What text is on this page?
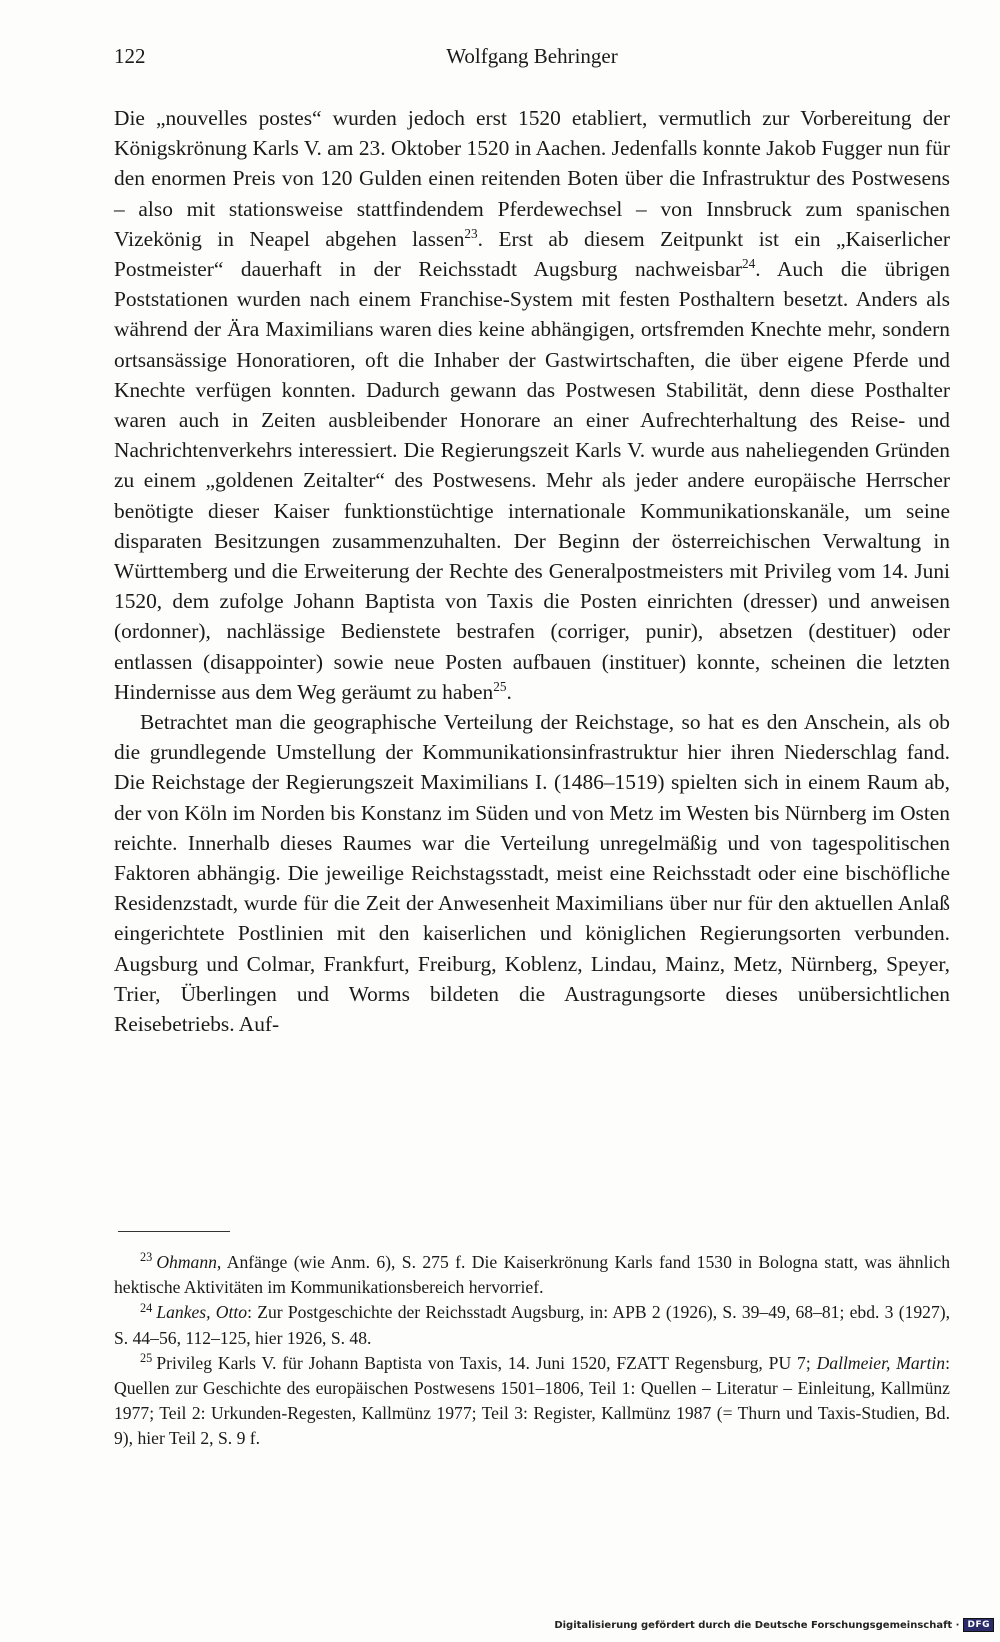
122	Wolfgang Behringer

Die „nouvelles postes“ wurden jedoch erst 1520 etabliert, vermutlich zur Vorbereitung der Königskrönung Karls V. am 23. Oktober 1520 in Aachen. Jedenfalls konnte Jakob Fugger nun für den enormen Preis von 120 Gulden einen reitenden Boten über die Infrastruktur des Postwesens – also mit stationsweise stattfindendem Pferdewechsel – von Innsbruck zum spanischen Vizekönig in Neapel abgehen lassen$^{23}$. Erst ab diesem Zeitpunkt ist ein „Kaiserlicher Postmeister“ dauerhaft in der Reichsstadt Augsburg nachweisbar$^{24}$. Auch die übrigen Poststationen wurden nach einem Franchise-System mit festen Posthaltern besetzt. Anders als während der Ära Maximilians waren dies keine abhängigen, ortsfremden Knechte mehr, sondern ortsansässige Honoratioren, oft die Inhaber der Gastwirtschaften, die über eigene Pferde und Knechte verfügen konnten. Dadurch gewann das Postwesen Stabilität, denn diese Posthalter waren auch in Zeiten ausbleibender Honorare an einer Aufrechterhaltung des Reise- und Nachrichtenverkehrs interessiert. Die Regierungszeit Karls V. wurde aus naheliegenden Gründen zu einem „goldenen Zeitalter“ des Postwesens. Mehr als jeder andere europäische Herrscher benötigte dieser Kaiser funktionstüchtige internationale Kommunikationskanäle, um seine disparaten Besitzungen zusammenzuhalten. Der Beginn der österreichischen Verwaltung in Württemberg und die Erweiterung der Rechte des Generalpostmeisters mit Privileg vom 14. Juni 1520, dem zufolge Johann Baptista von Taxis die Posten einrichten (dresser) und anweisen (ordonner), nachlässige Bedienstete bestrafen (corriger, punir), absetzen (destituer) oder entlassen (disappointer) sowie neue Posten aufbauen (instituer) konnte, scheinen die letzten Hindernisse aus dem Weg geräumt zu haben$^{25}$.

Betrachtet man die geographische Verteilung der Reichstage, so hat es den Anschein, als ob die grundlegende Umstellung der Kommunikationsinfrastruktur hier ihren Niederschlag fand. Die Reichstage der Regierungszeit Maximilians I. (1486–1519) spielten sich in einem Raum ab, der von Köln im Norden bis Konstanz im Süden und von Metz im Westen bis Nürnberg im Osten reichte. Innerhalb dieses Raumes war die Verteilung unregelmäßig und von tagespolitischen Faktoren abhängig. Die jeweilige Reichstagsstadt, meist eine Reichsstadt oder eine bischöfliche Residenzstadt, wurde für die Zeit der Anwesenheit Maximilians über nur für den aktuellen Anlaß eingerichtete Postlinien mit den kaiserlichen und königlichen Regierungsorten verbunden. Augsburg und Colmar, Frankfurt, Freiburg, Koblenz, Lindau, Mainz, Metz, Nürnberg, Speyer, Trier, Überlingen und Worms bildeten die Austragungsorte dieses unübersichtlichen Reisebetriebs. Auf-

$^{23}$ Ohmann, Anfänge (wie Anm. 6), S. 275 f. Die Kaiserkrönung Karls fand 1530 in Bologna statt, was ähnlich hektische Aktivitäten im Kommunikationsbereich hervorrief.

$^{24}$ Lankes, Otto: Zur Postgeschichte der Reichsstadt Augsburg, in: APB 2 (1926), S. 39–49, 68–81; ebd. 3 (1927), S. 44–56, 112–125, hier 1926, S. 48.

$^{25}$ Privileg Karls V. für Johann Baptista von Taxis, 14. Juni 1520, FZATT Regensburg, PU 7; Dallmeier, Martin: Quellen zur Geschichte des europäischen Postwesens 1501–1806, Teil 1: Quellen – Literatur – Einleitung, Kallmünz 1977; Teil 2: Urkunden-Regesten, Kallmünz 1977; Teil 3: Register, Kallmünz 1987 (= Thurn und Taxis-Studien, Bd. 9), hier Teil 2, S. 9 f.

Digitalisierung gefördert durch die Deutsche Forschungsgemeinschaft · DFG
